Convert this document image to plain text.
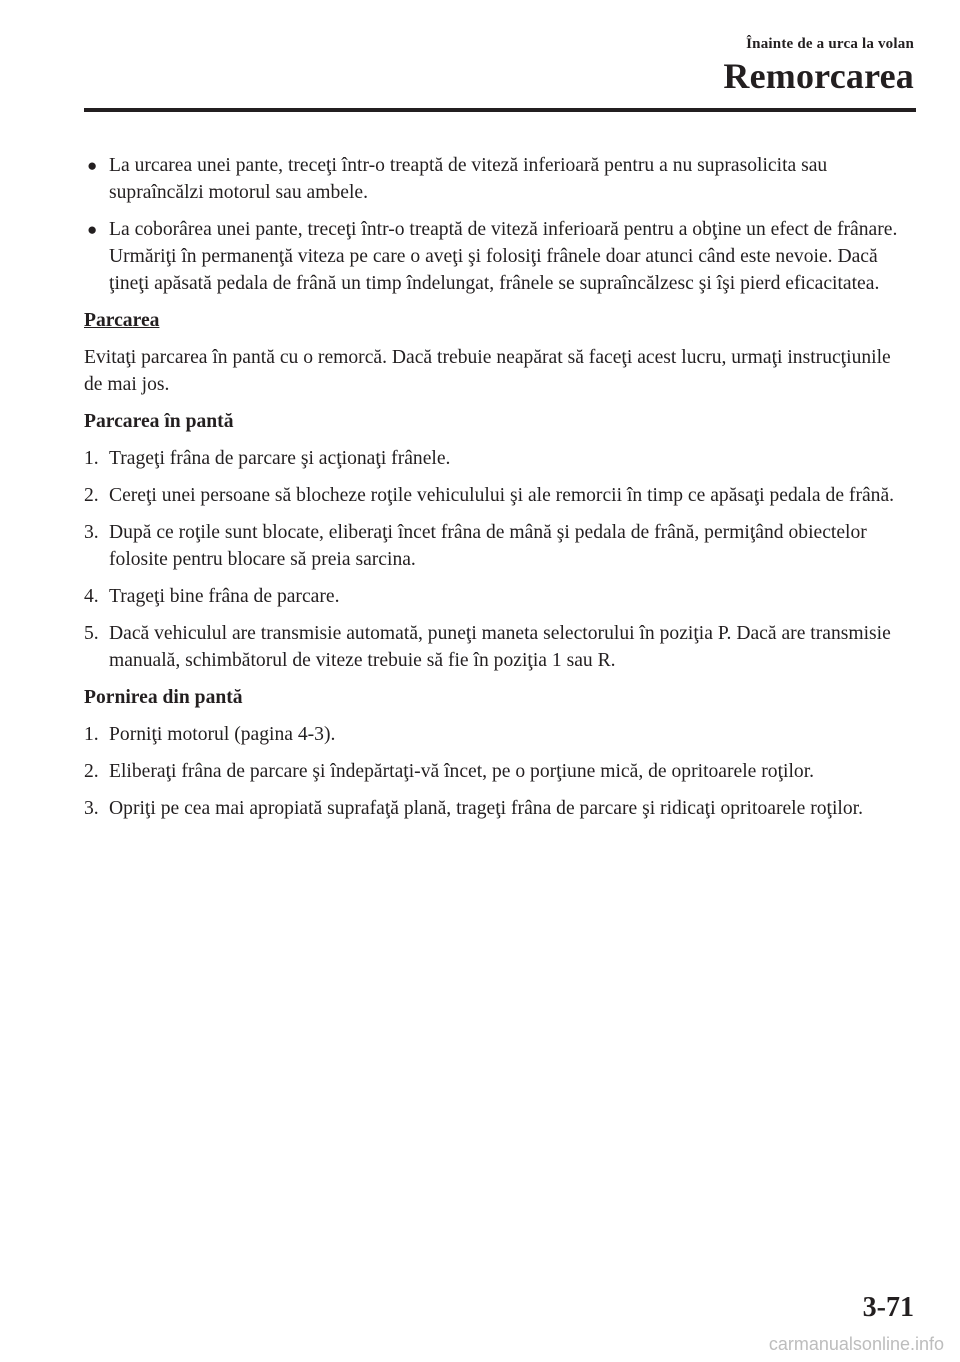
Înainte de a urca la volan
Remorcarea
● La urcarea unei pante, treceţi într-o treaptă de viteză inferioară pentru a nu suprasolicita sau supraîncălzi motorul sau ambele.
● La coborârea unei pante, treceţi într-o treaptă de viteză inferioară pentru a obţine un efect de frânare. Urmăriţi în permanenţă viteza pe care o aveţi şi folosiţi frânele doar atunci când este nevoie. Dacă ţineţi apăsată pedala de frână un timp îndelungat, frânele se supraîncălzesc şi îşi pierd eficacitatea.
Parcarea

Evitaţi parcarea în pantă cu o remorcă. Dacă trebuie neapărat să faceţi acest lucru, urmaţi instrucţiunile de mai jos.

Parcarea în pantă
1. Trageţi frâna de parcare şi acţionaţi frânele.
2. Cereţi unei persoane să blocheze roţile vehiculului şi ale remorcii în timp ce apăsaţi pedala de frână.
3. După ce roţile sunt blocate, eliberaţi încet frâna de mână şi pedala de frână, permiţând obiectelor folosite pentru blocare să preia sarcina.
4. Trageţi bine frâna de parcare.
5. Dacă vehiculul are transmisie automată, puneţi maneta selectorului în poziţia P. Dacă are transmisie manuală, schimbătorul de viteze trebuie să fie în poziţia 1 sau R.
Pornirea din pantă
1. Porniţi motorul (pagina 4-3).
2. Eliberaţi frâna de parcare şi îndepărtaţi-vă încet, pe o porţiune mică, de opritoarele roţilor.
3. Opriţi pe cea mai apropiată suprafaţă plană, trageţi frâna de parcare şi ridicaţi opritoarele roţilor.
3-71
carmanualsonline.info
